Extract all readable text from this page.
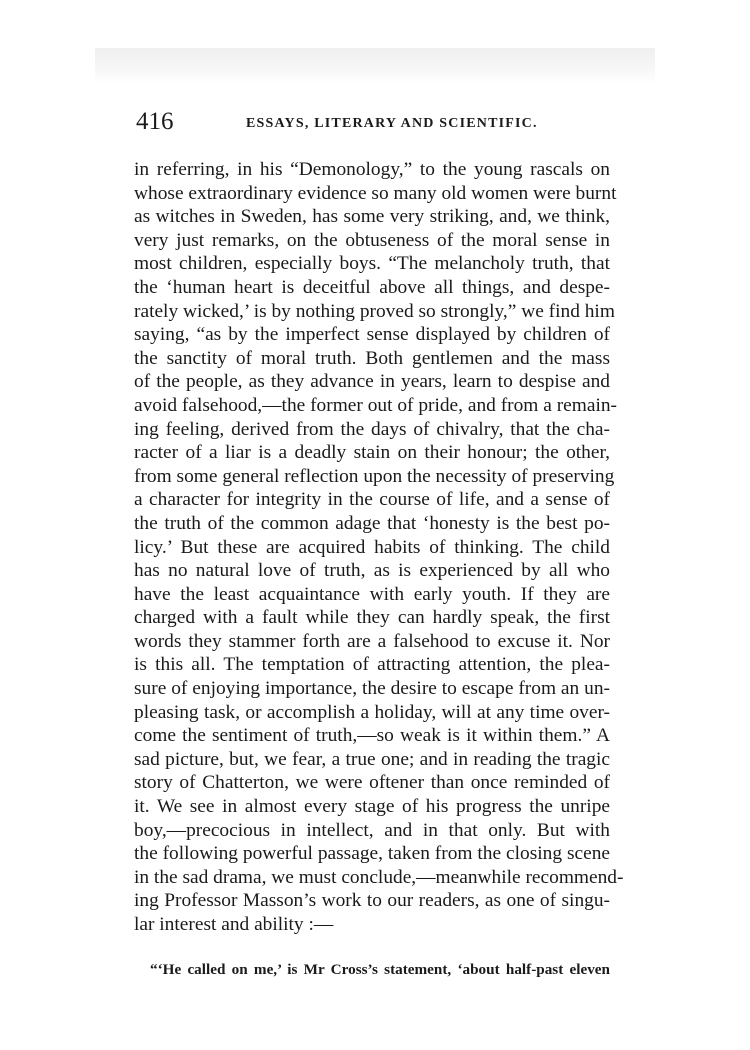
416	ESSAYS, LITERARY AND SCIENTIFIC.
in referring, in his “Demonology,” to the young rascals on
whose extraordinary evidence so many old women were burnt
as witches in Sweden, has some very striking, and, we think,
very just remarks, on the obtuseness of the moral sense in
most children, especially boys. “The melancholy truth, that
the ‘human heart is deceitful above all things, and despe-
rately wicked,’ is by nothing proved so strongly,” we find him
saying, “as by the imperfect sense displayed by children of
the sanctity of moral truth. Both gentlemen and the mass
of the people, as they advance in years, learn to despise and
avoid falsehood,—the former out of pride, and from a remain-
ing feeling, derived from the days of chivalry, that the cha-
racter of a liar is a deadly stain on their honour; the other,
from some general reflection upon the necessity of preserving
a character for integrity in the course of life, and a sense of
the truth of the common adage that ‘honesty is the best po-
licy.’ But these are acquired habits of thinking. The child
has no natural love of truth, as is experienced by all who
have the least acquaintance with early youth. If they are
charged with a fault while they can hardly speak, the first
words they stammer forth are a falsehood to excuse it. Nor
is this all. The temptation of attracting attention, the plea-
sure of enjoying importance, the desire to escape from an un-
pleasing task, or accomplish a holiday, will at any time over-
come the sentiment of truth,—so weak is it within them.” A
sad picture, but, we fear, a true one; and in reading the tragic
story of Chatterton, we were oftener than once reminded of
it. We see in almost every stage of his progress the unripe
boy,—precocious in intellect, and in that only. But with
the following powerful passage, taken from the closing scene
in the sad drama, we must conclude,—meanwhile recommend-
ing Professor Masson’s work to our readers, as one of singu-
lar interest and ability :—

“‘He called on me,’ is Mr Cross’s statement, ‘about half-past eleven
